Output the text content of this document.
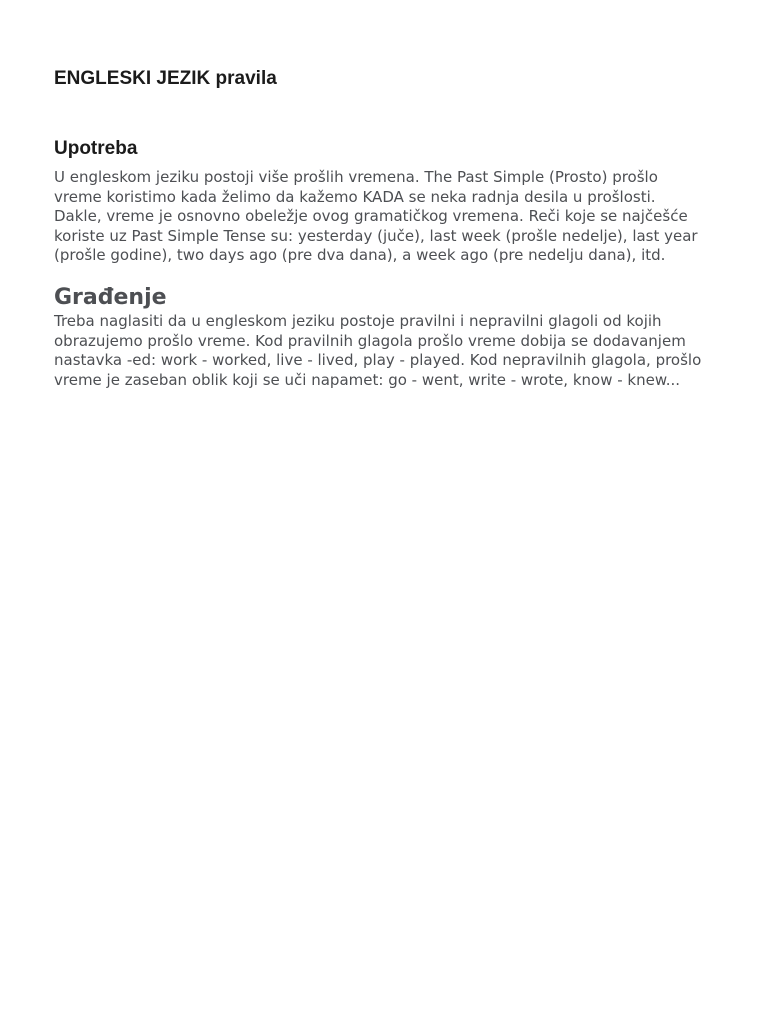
ENGLESKI JEZIK pravila
Upotreba

U engleskom jeziku postoji više prošlih vremena. The Past Simple (Prosto) prošlo vreme koristimo kada želimo da kažemo KADA se neka radnja desila u prošlosti. Dakle, vreme je osnovno obeležje ovog gramatičkog vremena. Reči koje se najčešće koriste uz Past Simple Tense su: yesterday (juče), last week (prošle nedelje), last year (prošle godine), two days ago (pre dva dana), a week ago (pre nedelju dana), itd.

Građenje

Treba naglasiti da u engleskom jeziku postoje pravilni i nepravilni glagoli od kojih obrazujemo prošlo vreme. Kod pravilnih glagola prošlo vreme dobija se dodavanjem nastavka -ed: work - worked, live - lived, play - played. Kod nepravilnih glagola, prošlo vreme je zaseban oblik koji se uči napamet: go - went, write - wrote, know - knew...
